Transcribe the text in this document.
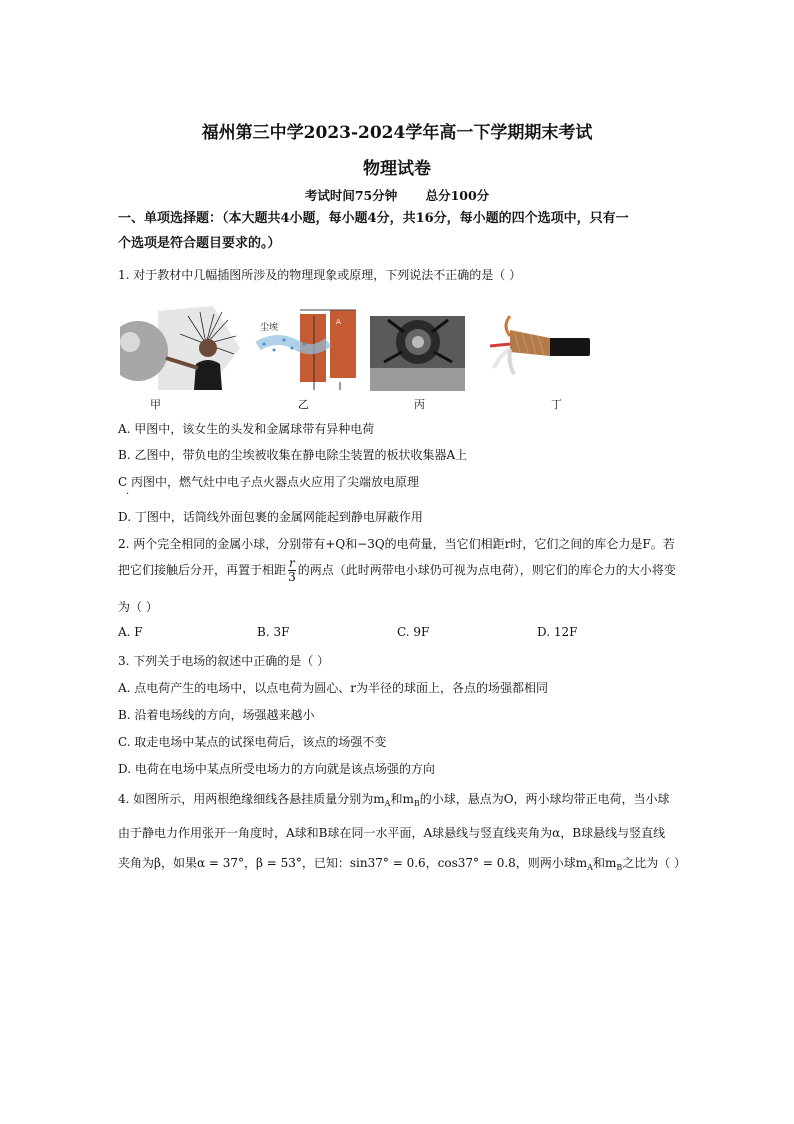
福州第三中学2023-2024学年高一下学期期末考试
物理试卷
考试时间75分钟 总分100分
一、单项选择题：（本大题共4小题，每小题4分，共16分，每小题的四个选项中，只有一
个选项是符合题目要求的。）
1. 对于教材中几幅插图所涉及的物理现象或原理，下列说法不正确的是（ ）
尘埃
A
甲	乙	丙	丁
A. 甲图中，该女生的头发和金属球带有异种电荷
B. 乙图中，带负电的尘埃被收集在静电除尘装置的板状收集器A上
C 丙图中，燃气灶中电子点火器点火应用了尖端放电原理
·
D. 丁图中，话筒线外面包裹的金属网能起到静电屏蔽作用
2. 两个完全相同的金属小球，分别带有+Q和−3Q的电荷量，当它们相距r时，它们之间的库仑力是F。若
把它们接触后分开，再置于相距 $\frac{r}{3}$ 的两点（此时两带电小球仍可视为点电荷），则它们的库仑力的大小将变
为（ ）
A. F	B. 3F	C. 9F	D. 12F
3. 下列关于电场的叙述中正确的是（ ）
A. 点电荷产生的电场中，以点电荷为圆心、r为半径的球面上，各点的场强都相同
B. 沿着电场线的方向，场强越来越小
C. 取走电场中某点的试探电荷后，该点的场强不变
D. 电荷在电场中某点所受电场力的方向就是该点场强的方向
4. 如图所示，用两根绝缘细线各悬挂质量分别为$m_A$和$m_B$的小球，悬点为O，两小球均带正电荷，当小球
由于静电力作用张开一角度时，A球和B球在同一水平面，A球悬线与竖直线夹角为α，B球悬线与竖直线
夹角为β，如果α = 37°，β = 53°，已知：sin37° = 0.6，cos37° = 0.8，则两小球$m_A$和$m_B$之比为（ ）
